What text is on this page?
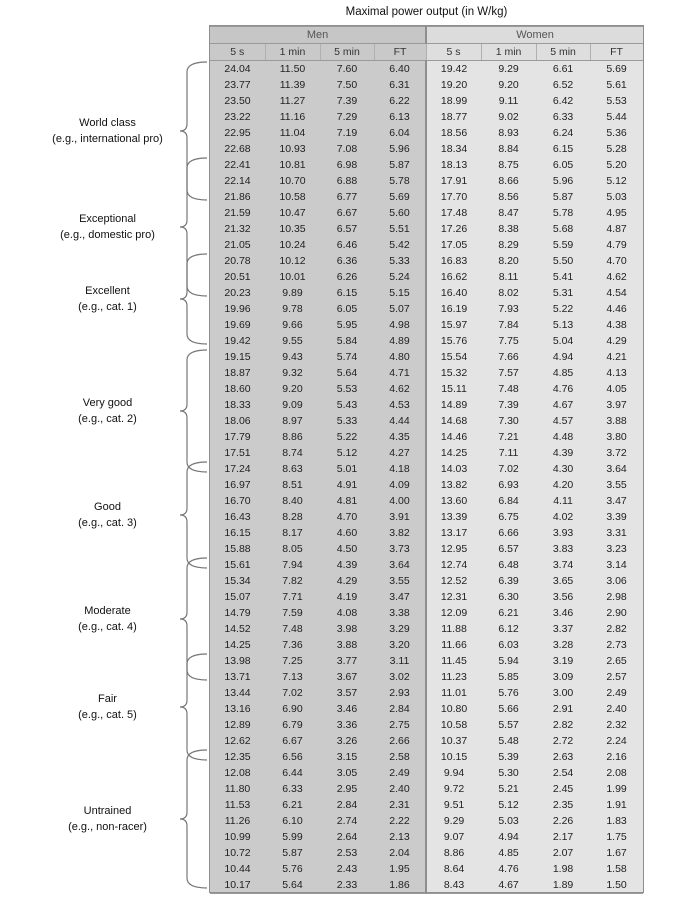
Maximal power output (in W/kg)
Men				Women			
5 s	1 min	5 min	FT	5 s	1 min	5 min	FT
24.04	11.50	7.60	6.40	19.42	9.29	6.61	5.69
23.77	11.39	7.50	6.31	19.20	9.20	6.52	5.61
23.50	11.27	7.39	6.22	18.99	9.11	6.42	5.53
23.22	11.16	7.29	6.13	18.77	9.02	6.33	5.44
22.95	11.04	7.19	6.04	18.56	8.93	6.24	5.36
22.68	10.93	7.08	5.96	18.34	8.84	6.15	5.28
22.41	10.81	6.98	5.87	18.13	8.75	6.05	5.20
22.14	10.70	6.88	5.78	17.91	8.66	5.96	5.12
21.86	10.58	6.77	5.69	17.70	8.56	5.87	5.03
21.59	10.47	6.67	5.60	17.48	8.47	5.78	4.95
21.32	10.35	6.57	5.51	17.26	8.38	5.68	4.87
21.05	10.24	6.46	5.42	17.05	8.29	5.59	4.79
20.78	10.12	6.36	5.33	16.83	8.20	5.50	4.70
20.51	10.01	6.26	5.24	16.62	8.11	5.41	4.62
20.23	9.89	6.15	5.15	16.40	8.02	5.31	4.54
19.96	9.78	6.05	5.07	16.19	7.93	5.22	4.46
19.69	9.66	5.95	4.98	15.97	7.84	5.13	4.38
19.42	9.55	5.84	4.89	15.76	7.75	5.04	4.29
19.15	9.43	5.74	4.80	15.54	7.66	4.94	4.21
18.87	9.32	5.64	4.71	15.32	7.57	4.85	4.13
18.60	9.20	5.53	4.62	15.11	7.48	4.76	4.05
18.33	9.09	5.43	4.53	14.89	7.39	4.67	3.97
18.06	8.97	5.33	4.44	14.68	7.30	4.57	3.88
17.79	8.86	5.22	4.35	14.46	7.21	4.48	3.80
17.51	8.74	5.12	4.27	14.25	7.11	4.39	3.72
17.24	8.63	5.01	4.18	14.03	7.02	4.30	3.64
16.97	8.51	4.91	4.09	13.82	6.93	4.20	3.55
16.70	8.40	4.81	4.00	13.60	6.84	4.11	3.47
16.43	8.28	4.70	3.91	13.39	6.75	4.02	3.39
16.15	8.17	4.60	3.82	13.17	6.66	3.93	3.31
15.88	8.05	4.50	3.73	12.95	6.57	3.83	3.23
15.61	7.94	4.39	3.64	12.74	6.48	3.74	3.14
15.34	7.82	4.29	3.55	12.52	6.39	3.65	3.06
15.07	7.71	4.19	3.47	12.31	6.30	3.56	2.98
14.79	7.59	4.08	3.38	12.09	6.21	3.46	2.90
14.52	7.48	3.98	3.29	11.88	6.12	3.37	2.82
14.25	7.36	3.88	3.20	11.66	6.03	3.28	2.73
13.98	7.25	3.77	3.11	11.45	5.94	3.19	2.65
13.71	7.13	3.67	3.02	11.23	5.85	3.09	2.57
13.44	7.02	3.57	2.93	11.01	5.76	3.00	2.49
13.16	6.90	3.46	2.84	10.80	5.66	2.91	2.40
12.89	6.79	3.36	2.75	10.58	5.57	2.82	2.32
12.62	6.67	3.26	2.66	10.37	5.48	2.72	2.24
12.35	6.56	3.15	2.58	10.15	5.39	2.63	2.16
12.08	6.44	3.05	2.49	9.94	5.30	2.54	2.08
11.80	6.33	2.95	2.40	9.72	5.21	2.45	1.99
11.53	6.21	2.84	2.31	9.51	5.12	2.35	1.91
11.26	6.10	2.74	2.22	9.29	5.03	2.26	1.83
10.99	5.99	2.64	2.13	9.07	4.94	2.17	1.75
10.72	5.87	2.53	2.04	8.86	4.85	2.07	1.67
10.44	5.76	2.43	1.95	8.64	4.76	1.98	1.58
10.17	5.64	2.33	1.86	8.43	4.67	1.89	1.50
World class
(e.g., international pro)
Exceptional
(e.g., domestic pro)
Excellent
(e.g., cat. 1)
Very good
(e.g., cat. 2)
Good
(e.g., cat. 3)
Moderate
(e.g., cat. 4)
Fair
(e.g., cat. 5)
Untrained
(e.g., non-racer)
